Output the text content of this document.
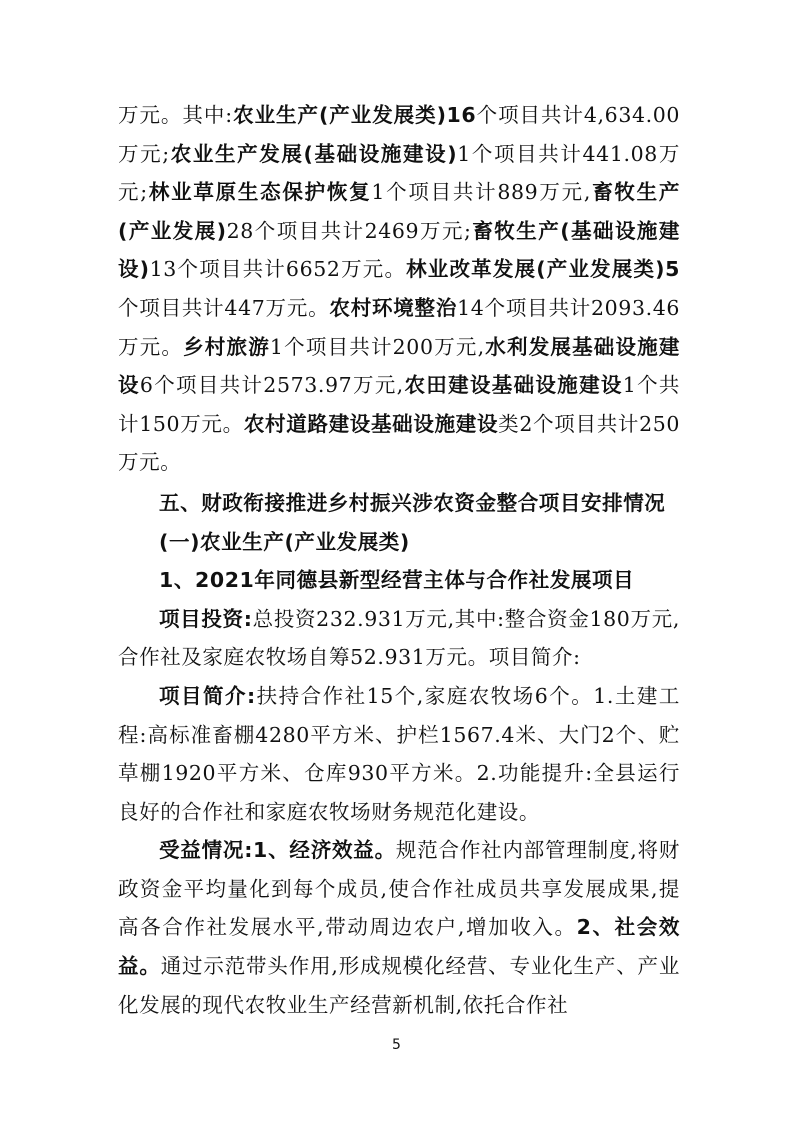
万元。其中:农业生产(产业发展类)16个项目共计4,634.00万元;农业生产发展(基础设施建设)1个项目共计441.08万元;林业草原生态保护恢复1个项目共计889万元,畜牧生产(产业发展)28个项目共计2469万元;畜牧生产(基础设施建设)13个项目共计6652万元。林业改革发展(产业发展类)5个项目共计447万元。农村环境整治14个项目共计2093.46万元。乡村旅游1个项目共计200万元,水利发展基础设施建设6个项目共计2573.97万元,农田建设基础设施建设1个共计150万元。农村道路建设基础设施建设类2个项目共计250万元。

五、财政衔接推进乡村振兴涉农资金整合项目安排情况

(一)农业生产(产业发展类)

1、2021年同德县新型经营主体与合作社发展项目

项目投资:总投资232.931万元,其中:整合资金180万元,合作社及家庭农牧场自筹52.931万元。项目简介:

项目简介:扶持合作社15个,家庭农牧场6个。1.土建工程:高标准畜棚4280平方米、护栏1567.4米、大门2个、贮草棚1920平方米、仓库930平方米。2.功能提升:全县运行良好的合作社和家庭农牧场财务规范化建设。

受益情况:1、经济效益。规范合作社内部管理制度,将财政资金平均量化到每个成员,使合作社成员共享发展成果,提高各合作社发展水平,带动周边农户,增加收入。2、社会效益。通过示范带头作用,形成规模化经营、专业化生产、产业化发展的现代农牧业生产经营新机制,依托合作社

5
